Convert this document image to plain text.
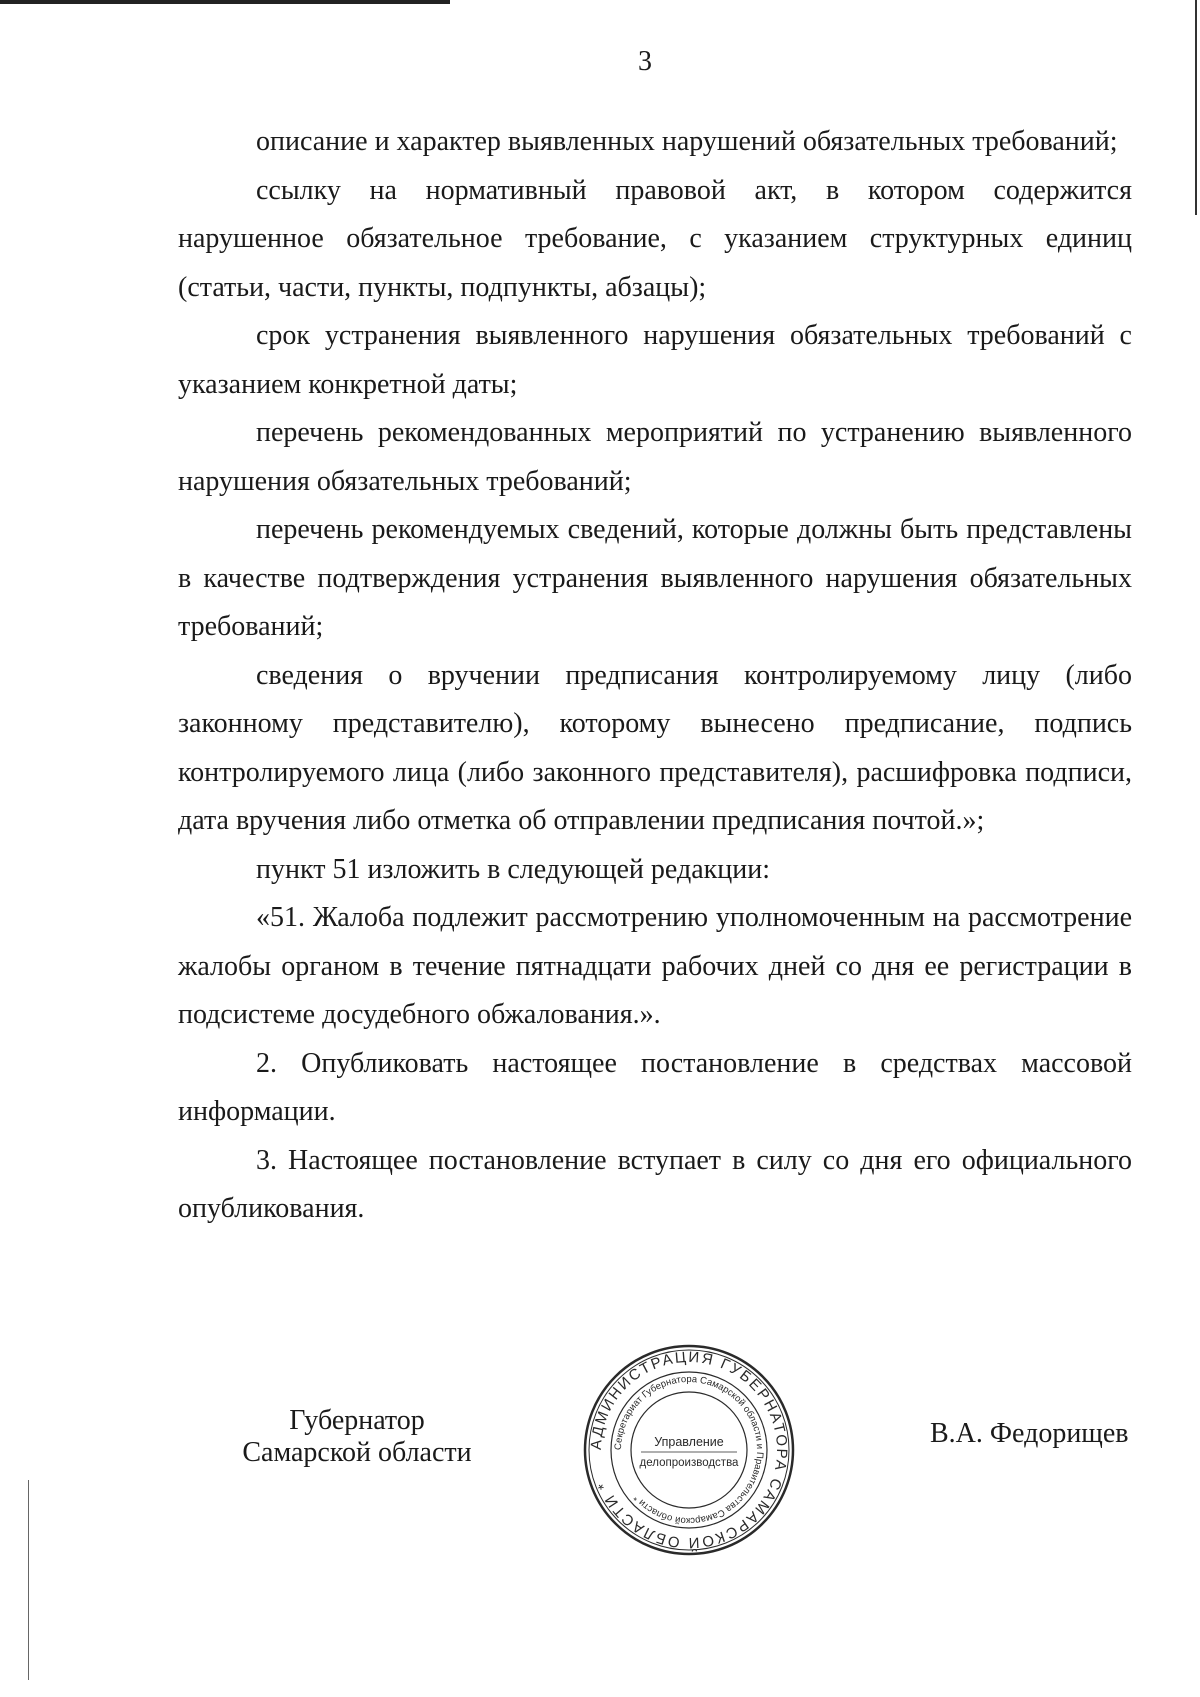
3

описание и характер выявленных нарушений обязательных требований;

ссылку на нормативный правовой акт, в котором содержится нарушенное обязательное требование, с указанием структурных единиц (статьи, части, пункты, подпункты, абзацы);

срок устранения выявленного нарушения обязательных требований с указанием конкретной даты;

перечень рекомендованных мероприятий по устранению выявленного нарушения обязательных требований;

перечень рекомендуемых сведений, которые должны быть представлены в качестве подтверждения устранения выявленного нарушения обязательных требований;

сведения о вручении предписания контролируемому лицу (либо законному представителю), которому вынесено предписание, подпись контролируемого лица (либо законного представителя), расшифровка подписи, дата вручения либо отметка об отправлении предписания почтой.»;

пункт 51 изложить в следующей редакции:

«51. Жалоба подлежит рассмотрению уполномоченным на рассмотрение жалобы органом в течение пятнадцати рабочих дней со дня ее регистрации в подсистеме досудебного обжалования.».

2. Опубликовать настоящее постановление в средствах массовой информации.

3. Настоящее постановление вступает в силу со дня его официального опубликования.

Губернатор
Самарской области	АДМИНИСТРАЦИЯ ГУБЕРНАТОРА САМАРСКОЙ ОБЛАСТИ *
Секретариат Губернатора Самарской области и Правительства Самарской области *
Управление
делопроизводства
В.А. Федорищев
